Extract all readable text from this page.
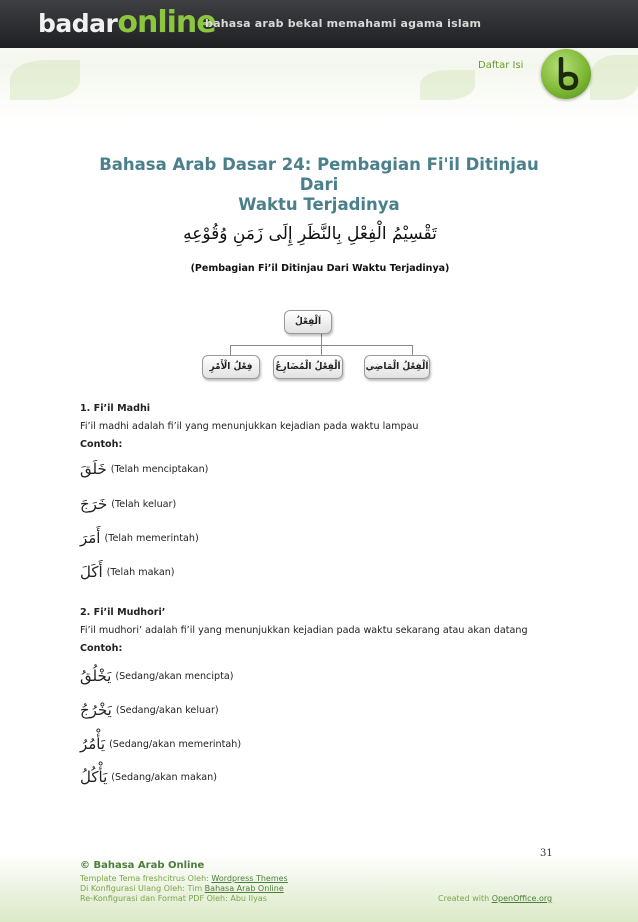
badar online
bahasa arab bekal memahami agama islam
Daftar Isi
Bahasa Arab Dasar 24: Pembagian Fi'il Ditinjau Dari
Waktu Terjadinya
تَقْسِيْمُ الْفِعْلِ بِالنَّظَرِ إِلَى زَمَنِ وُقُوْعِهِ
(Pembagian Fi’il Ditinjau Dari Waktu Terjadinya)
اَلْفِعْلُ
فِعْلُ الْأَمْرِ	اَلْفِعْلُ الْمُضَارِعُ	اَلْفِعْلُ الْمَاضِي
1. Fi’il Madhi
Fi’il madhi adalah fi’il yang menunjukkan kejadian pada waktu lampau
Contoh:
خَلَقَ (Telah menciptakan)
خَرَجَ (Telah keluar)
أَمَرَ (Telah memerintah)
أَكَلَ (Telah makan)
2. Fi’il Mudhori’
Fi’il mudhori’ adalah fi’il yang menunjukkan kejadian pada waktu sekarang atau akan datang
Contoh:
يَخْلُقُ (Sedang/akan mencipta)
يَخْرُجُ (Sedang/akan keluar)
يَأْمُرُ (Sedang/akan memerintah)
يَأْكُلُ (Sedang/akan makan)
31
© Bahasa Arab Online
Template Tema freshcitrus Oleh: Wordpress Themes
Di Konfigurasi Ulang Oleh: Tim Bahasa Arab Online
Re-Konfigurasi dan Format PDF Oleh: Abu Ilyas	Created with OpenOffice.org
